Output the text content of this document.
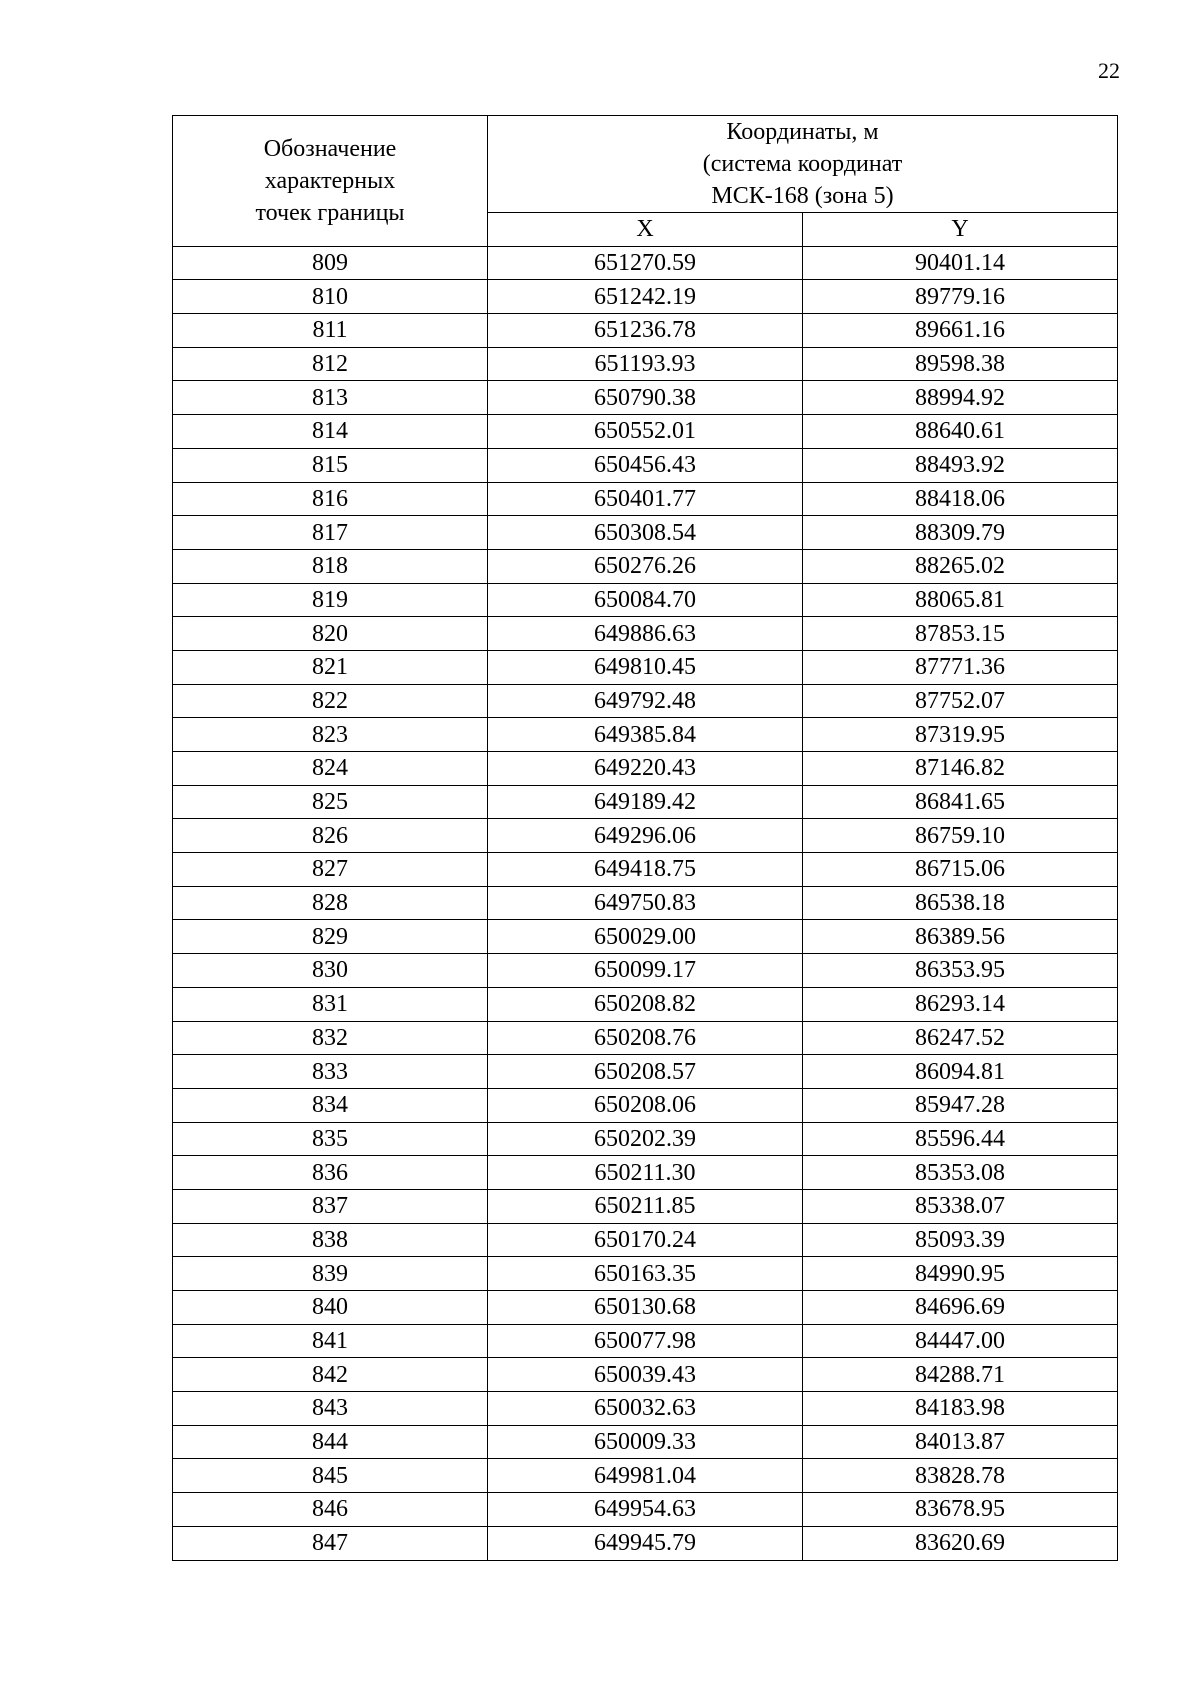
22
Обозначение
характерных
точек границы	Координаты, м
(система координат
МСК-168 (зона 5)	

	X	Y
809	651270.59	90401.14
810	651242.19	89779.16
811	651236.78	89661.16
812	651193.93	89598.38
813	650790.38	88994.92
814	650552.01	88640.61
815	650456.43	88493.92
816	650401.77	88418.06
817	650308.54	88309.79
818	650276.26	88265.02
819	650084.70	88065.81
820	649886.63	87853.15
821	649810.45	87771.36
822	649792.48	87752.07
823	649385.84	87319.95
824	649220.43	87146.82
825	649189.42	86841.65
826	649296.06	86759.10
827	649418.75	86715.06
828	649750.83	86538.18
829	650029.00	86389.56
830	650099.17	86353.95
831	650208.82	86293.14
832	650208.76	86247.52
833	650208.57	86094.81
834	650208.06	85947.28
835	650202.39	85596.44
836	650211.30	85353.08
837	650211.85	85338.07
838	650170.24	85093.39
839	650163.35	84990.95
840	650130.68	84696.69
841	650077.98	84447.00
842	650039.43	84288.71
843	650032.63	84183.98
844	650009.33	84013.87
845	649981.04	83828.78
846	649954.63	83678.95
847	649945.79	83620.69
